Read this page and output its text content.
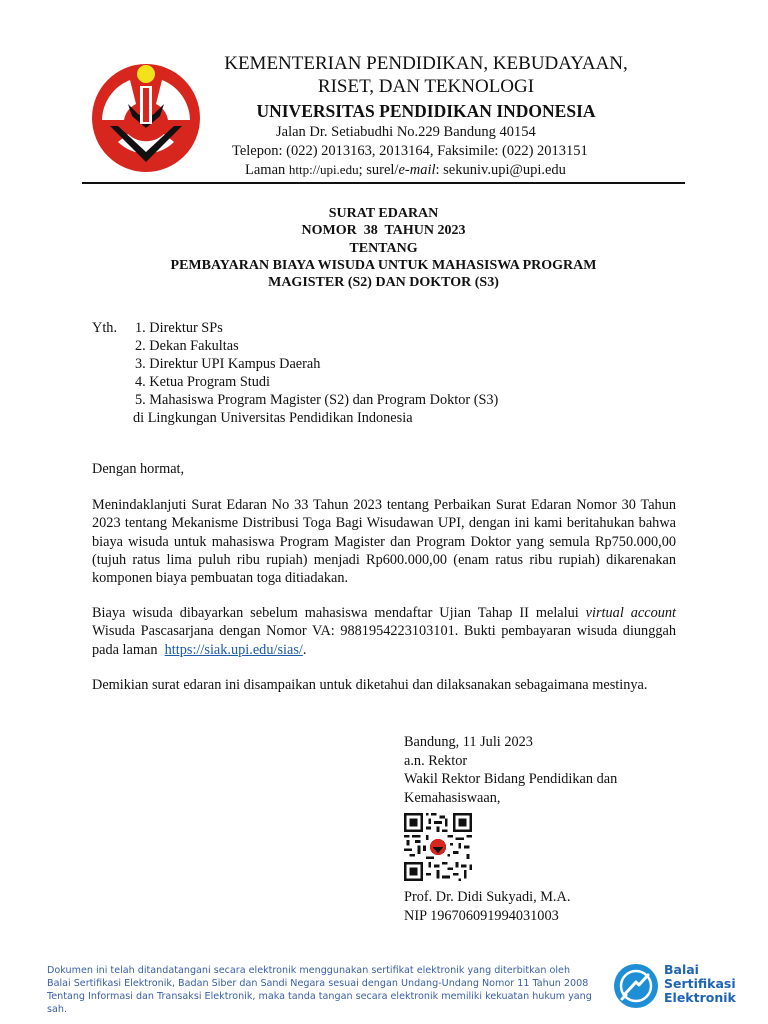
KEMENTERIAN PENDIDIKAN, KEBUDAYAAN,
RISET, DAN TEKNOLOGI
UNIVERSITAS PENDIDIKAN INDONESIA
Jalan Dr. Setiabudhi No.229 Bandung 40154
Telepon: (022) 2013163, 2013164, Faksimile: (022) 2013151
Laman http://upi.edu; surel/e-mail: sekuniv.upi@upi.edu
SURAT EDARAN
NOMOR  38  TAHUN 2023
TENTANG
PEMBAYARAN BIAYA WISUDA UNTUK MAHASISWA PROGRAM
MAGISTER (S2) DAN DOKTOR (S3)
Yth. 1. Direktur SPs
2. Dekan Fakultas
3. Direktur UPI Kampus Daerah
4. Ketua Program Studi
5. Mahasiswa Program Magister (S2) dan Program Doktor (S3)
di Lingkungan Universitas Pendidikan Indonesia
Dengan hormat,
Menindaklanjuti Surat Edaran No 33 Tahun 2023 tentang Perbaikan Surat Edaran Nomor 30 Tahun 2023 tentang Mekanisme Distribusi Toga Bagi Wisudawan UPI, dengan ini kami beritahukan bahwa biaya wisuda untuk mahasiswa Program Magister dan Program Doktor yang semula Rp750.000,00 (tujuh ratus lima puluh ribu rupiah) menjadi Rp600.000,00 (enam ratus ribu rupiah) dikarenakan komponen biaya pembuatan toga ditiadakan.
Biaya wisuda dibayarkan sebelum mahasiswa mendaftar Ujian Tahap II melalui virtual account Wisuda Pascasarjana dengan Nomor VA: 9881954223103101. Bukti pembayaran wisuda diunggah pada laman  https://siak.upi.edu/sias/.
Demikian surat edaran ini disampaikan untuk diketahui dan dilaksanakan sebagaimana mestinya.
Bandung, 11 Juli 2023
a.n. Rektor
Wakil Rektor Bidang Pendidikan dan
Kemahasiswaan,
Prof. Dr. Didi Sukyadi, M.A.
NIP 196706091994031003
Dokumen ini telah ditandatangani secara elektronik menggunakan sertifikat elektronik yang diterbitkan oleh Balai Sertifikasi Elektronik, Badan Siber dan Sandi Negara sesuai dengan Undang-Undang Nomor 11 Tahun 2008 Tentang Informasi dan Transaksi Elektronik, maka tanda tangan secara elektronik memiliki kekuatan hukum yang sah.
Balai
Sertifikasi
Elektronik
